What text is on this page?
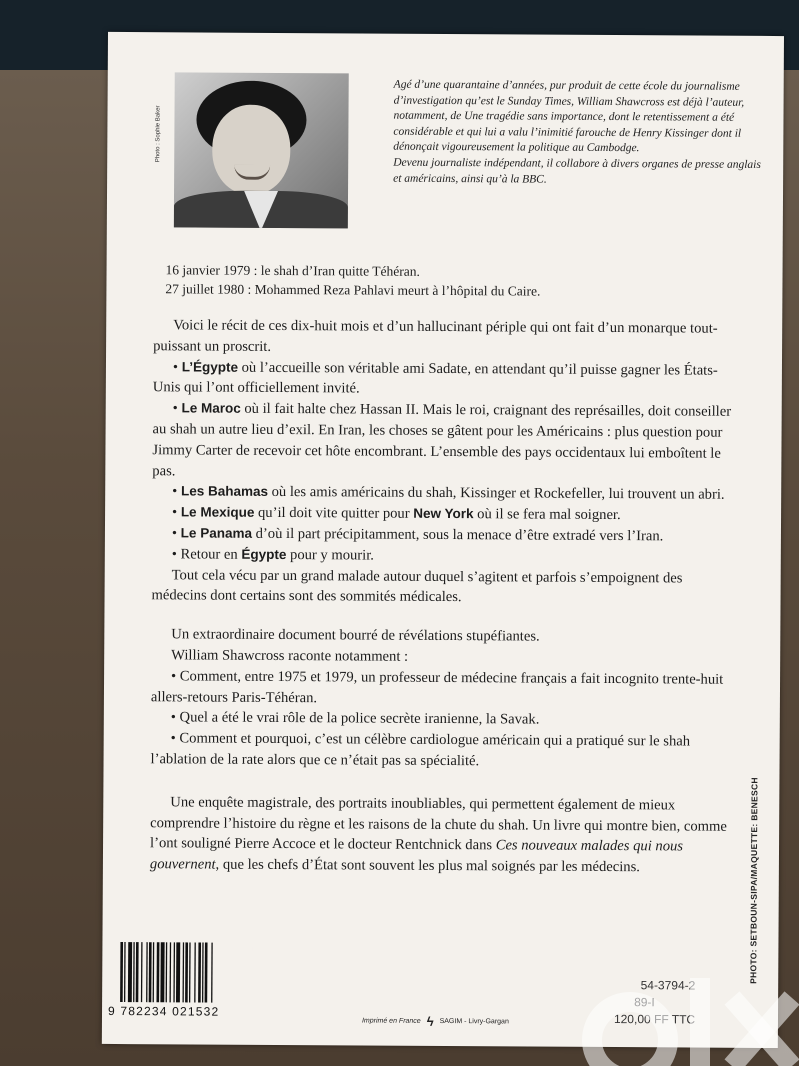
Photo : Sophie Baker

Agé d’une quarantaine d’années, pur produit de cette école du journalisme d’investigation qu’est le Sunday Times, William Shawcross est déjà l’auteur, notamment, de Une tragédie sans importance, dont le retentissement a été considérable et qui lui a valu l’inimitié farouche de Henry Kissinger dont il dénonçait vigoureusement la politique au Cambodge.

Devenu journaliste indépendant, il collabore à divers organes de presse anglais et américains, ainsi qu’à la BBC.

16 janvier 1979 : le shah d’Iran quitte Téhéran.
27 juillet 1980 : Mohammed Reza Pahlavi meurt à l’hôpital du Caire.

Voici le récit de ces dix-huit mois et d’un hallucinant périple qui ont fait d’un monarque tout-puissant un proscrit.

• L’Égypte où l’accueille son véritable ami Sadate, en attendant qu’il puisse gagner les États-Unis qui l’ont officiellement invité.

• Le Maroc où il fait halte chez Hassan II. Mais le roi, craignant des représailles, doit conseiller au shah un autre lieu d’exil. En Iran, les choses se gâtent pour les Américains : plus question pour Jimmy Carter de recevoir cet hôte encombrant. L’ensemble des pays occidentaux lui emboîtent le pas.

• Les Bahamas où les amis américains du shah, Kissinger et Rockefeller, lui trouvent un abri.

• Le Mexique qu’il doit vite quitter pour New York où il se fera mal soigner.

• Le Panama d’où il part précipitamment, sous la menace d’être extradé vers l’Iran.

• Retour en Égypte pour y mourir.

Tout cela vécu par un grand malade autour duquel s’agitent et parfois s’empoignent des médecins dont certains sont des sommités médicales.

Un extraordinaire document bourré de révélations stupéfiantes.

William Shawcross raconte notamment :

• Comment, entre 1975 et 1979, un professeur de médecine français a fait incognito trente-huit allers-retours Paris-Téhéran.

• Quel a été le vrai rôle de la police secrète iranienne, la Savak.

• Comment et pourquoi, c’est un célèbre cardiologue américain qui a pratiqué sur le shah l’ablation de la rate alors que ce n’était pas sa spécialité.

Une enquête magistrale, des portraits inoubliables, qui permettent également de mieux comprendre l’histoire du règne et les raisons de la chute du shah. Un livre qui montre bien, comme l’ont souligné Pierre Accoce et le docteur Rentchnick dans Ces nouveaux malades qui nous gouvernent, que les chefs d’État sont souvent les plus mal soignés par les médecins.	PHOTO: SETBOUN-SIPA/MAQUETTE: BENESCH
9 782234 021532
Imprimé en France ϟ SAGIM - Livry-Gargan
54-3794-2
89-I
120,00 FF TTC
